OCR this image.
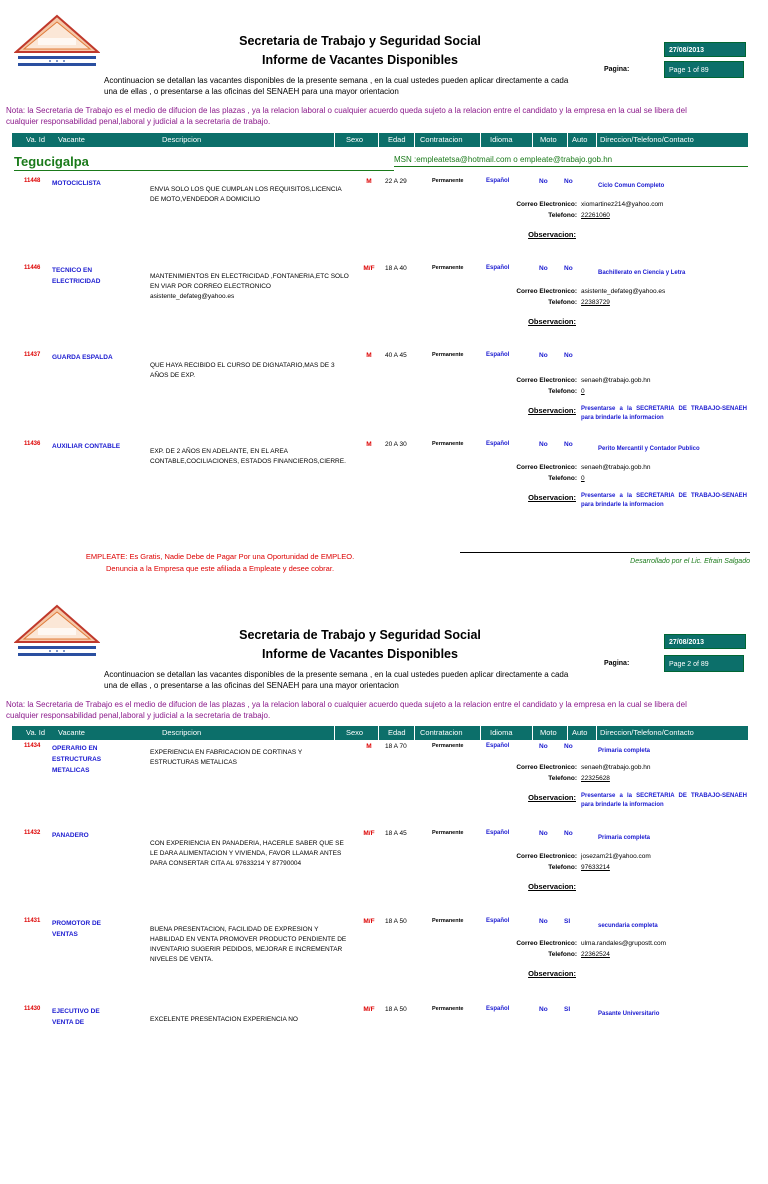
Secretaria de Trabajo y Seguridad Social
Informe de Vacantes Disponibles
27/08/2013
Pagina:	Page 1 of 89
Acontinuacion se detallan las vacantes disponibles de la presente semana , en la cual ustedes pueden aplicar directamente a cada una de ellas , o presentarse a las oficinas del SENAEH para una mayor orientacion
Nota: la Secretaria de Trabajo es el medio de difucion de las plazas , ya la relacion laboral o cualquier acuerdo queda sujeto a la relacion entre el candidato y la empresa en la cual se libera del cualquier responsabilidad penal,laboral y judicial a la secretaria de trabajo.
Va. Id Vacante	Descripcion	Sexo	Edad Contratacion	Idioma	Moto Auto Direccion/Telefono/Contacto
Tegucigalpa	MSN :empleatetsa@hotmail.com o empleate@trabajo.gob.hn
11448 MOTOCICLISTA
ENVIA SOLO LOS QUE CUMPLAN LOS REQUISITOS,LICENCIA DE MOTO,VENDEDOR A DOMICILIO
M	22 A 29	Permanente	Español	No	No
Ciclo Comun Completo
Correo Electronico: xiomartinez214@yahoo.com
Telefono: 22261060
Observacion:
11446 TECNICO EN ELECTRICIDAD
MANTENIMIENTOS EN ELECTRICIDAD ,FONTANERIA,ETC SOLO EN VIAR POR CORREO ELECTRONICO asistente_defateg@yahoo.es
M/F	18 A 40	Permanente	Español	No	No
Bachillerato en Ciencia y Letra
Correo Electronico: asistente_defateg@yahoo.es
Telefono: 22383729
Observacion:
11437 GUARDA ESPALDA
QUE HAYA RECIBIDO EL CURSO DE DIGNATARIO,MAS DE 3 AÑOS DE EXP.
M	40 A 45	Permanente	Español	No	No
Correo Electronico: senaeh@trabajo.gob.hn
Telefono: 0
Observacion: Presentarse a la SECRETARIA DE TRABAJO-SENAEH para brindarle la informacion
11436 AUXILIAR CONTABLE
EXP. DE 2 AÑOS EN ADELANTE, EN EL AREA CONTABLE,COCILIACIONES, ESTADOS FINANCIEROS,CIERRE.
M	20 A 30	Permanente	Español	No	No
Perito Mercantil y Contador Publico
Correo Electronico: senaeh@trabajo.gob.hn
Telefono: 0
Observacion: Presentarse a la SECRETARIA DE TRABAJO-SENAEH para brindarle la informacion
EMPLEATE: Es Gratis, Nadie Debe de Pagar Por una Oportunidad de EMPLEO.
Denuncia a la Empresa que este afiliada a Empleate y desee cobrar.
Desarrollado por el Lic. Efrain Salgado
Secretaria de Trabajo y Seguridad Social
Informe de Vacantes Disponibles
27/08/2013
Pagina:	Page 2 of 89
Acontinuacion se detallan las vacantes disponibles de la presente semana , en la cual ustedes pueden aplicar directamente a cada una de ellas , o presentarse a las oficinas del SENAEH para una mayor orientacion
Nota: la Secretaria de Trabajo es el medio de difucion de las plazas , ya la relacion laboral o cualquier acuerdo queda sujeto a la relacion entre el candidato y la empresa en la cual se libera del cualquier responsabilidad penal,laboral y judicial a la secretaria de trabajo.
Va. Id Vacante	Descripcion	Sexo	Edad Contratacion	Idioma	Moto Auto Direccion/Telefono/Contacto
11434 OPERARIO EN ESTRUCTURAS METALICAS
EXPERIENCIA EN FABRICACION DE CORTINAS Y ESTRUCTURAS METALICAS
M	18 A 70	Permanente	Español	No	No
Primaria completa
Correo Electronico: senaeh@trabajo.gob.hn
Telefono: 22325628
Observacion: Presentarse a la SECRETARIA DE TRABAJO-SENAEH para brindarle la informacion
11432 PANADERO
CON EXPERIENCIA EN PANADERIA, HACERLE SABER QUE SE LE DARA ALIMENTACION Y VIVIENDA, FAVOR LLAMAR ANTES PARA CONSERTAR CITA AL 97633214 Y 87790004
M/F	18 A 45	Permanente	Español	No	No
Primaria completa
Correo Electronico: josezam21@yahoo.com
Telefono: 97633214
Observacion:
11431 PROMOTOR DE VENTAS
BUENA PRESENTACION, FACILIDAD DE EXPRESION Y HABILIDAD EN VENTA PROMOVER PRODUCTO PENDIENTE DE INVENTARIO SUGERIR PEDIDOS, MEJORAR E INCREMENTAR NIVELES DE VENTA.
M/F	18 A 50	Permanente	Español	No	SI
secundaria completa
Correo Electronico: ulma.randales@grupostt.com
Telefono: 22362524
Observacion:
11430 EJECUTIVO DE VENTA DE	EXCELENTE PRESENTACION EXPERIENCIA NO
M/F	18 A 50	Permanente	Español	No	SI
Pasante Universitario
